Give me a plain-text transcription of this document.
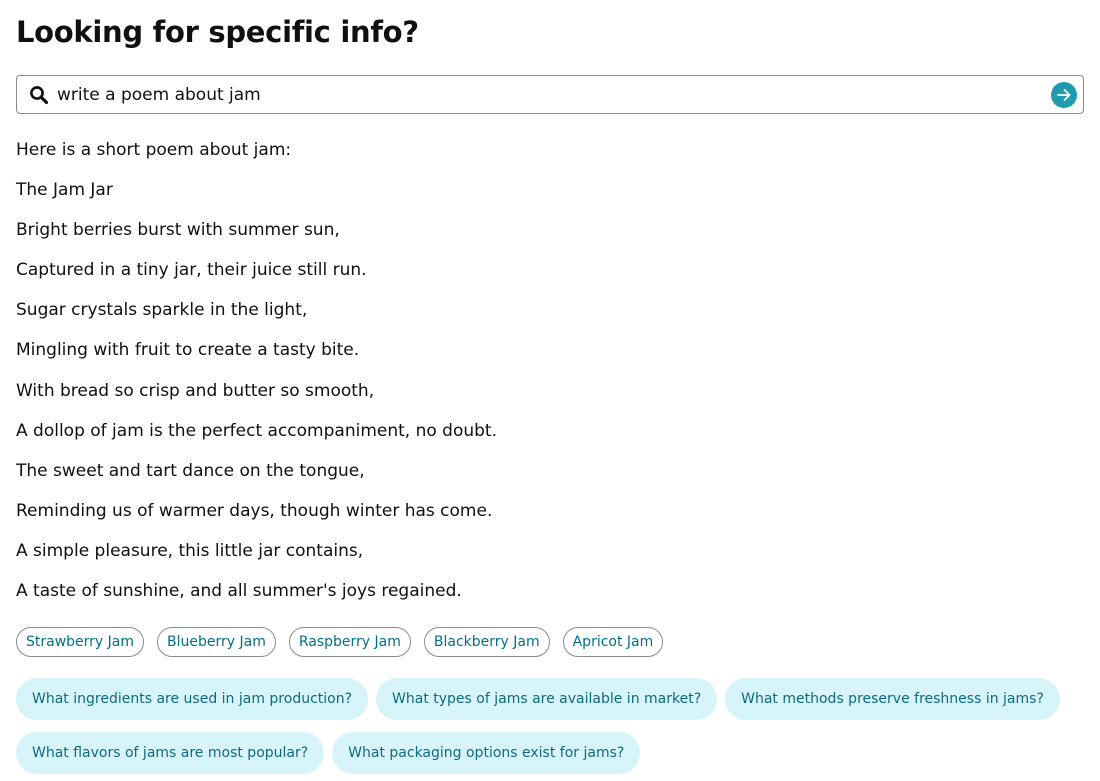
Looking for specific info?
write a poem about jam
Here is a short poem about jam:
The Jam Jar
Bright berries burst with summer sun,
Captured in a tiny jar, their juice still run.
Sugar crystals sparkle in the light,
Mingling with fruit to create a tasty bite.
With bread so crisp and butter so smooth,
A dollop of jam is the perfect accompaniment, no doubt.
The sweet and tart dance on the tongue,
Reminding us of warmer days, though winter has come.
A simple pleasure, this little jar contains,
A taste of sunshine, and all summer's joys regained.
Strawberry Jam	Blueberry Jam	Raspberry Jam	Blackberry Jam	Apricot Jam
What ingredients are used in jam production?	What types of jams are available in market?	What methods preserve freshness in jams?
What flavors of jams are most popular?	What packaging options exist for jams?
